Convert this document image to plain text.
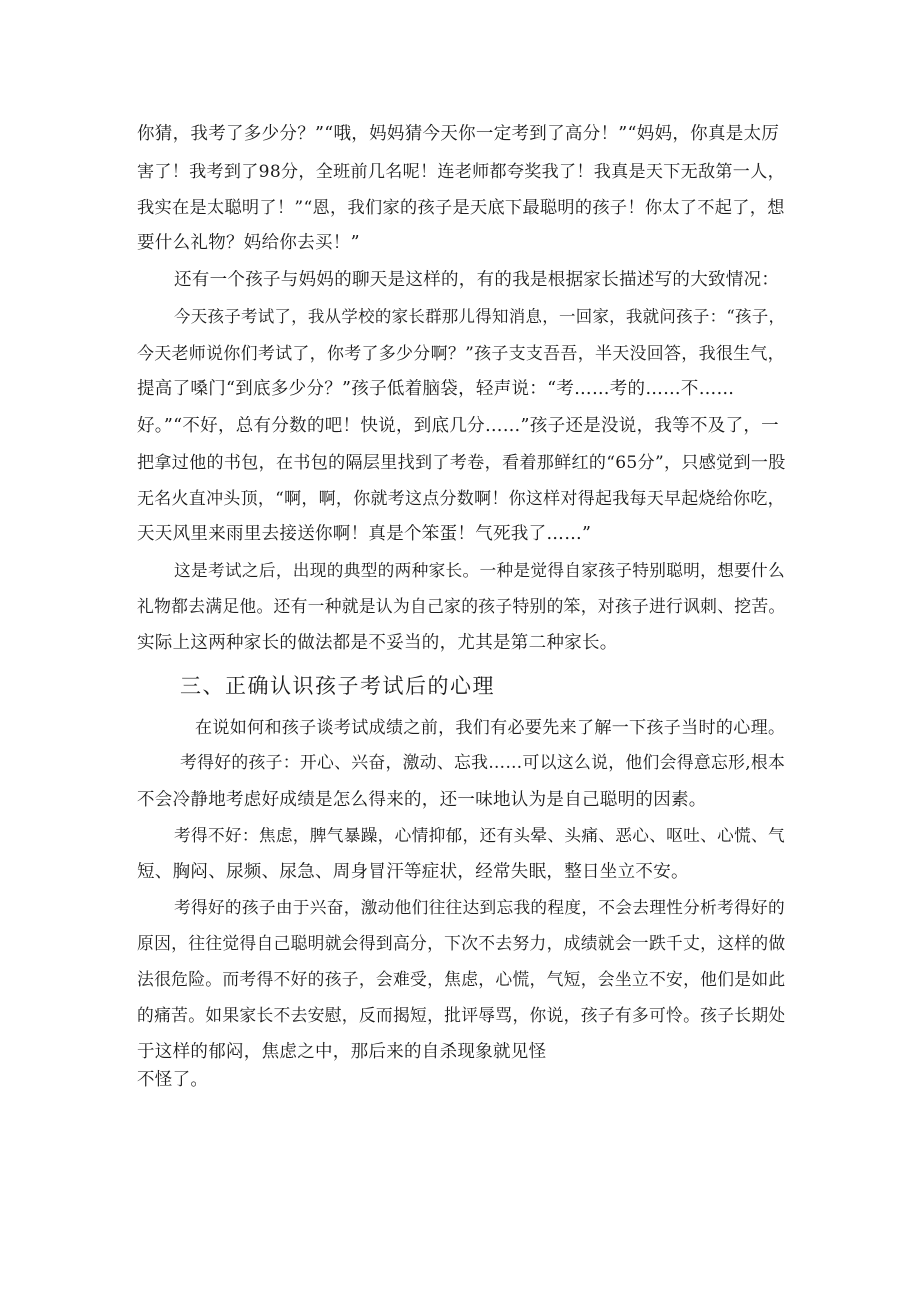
你猜，我考了多少分？”“哦，妈妈猜今天你一定考到了高分！”“妈妈，你真是太厉
害了！我考到了98分，全班前几名呢！连老师都夸奖我了！我真是天下无敌第一人，
我实在是太聪明了！”“恩，我们家的孩子是天底下最聪明的孩子！你太了不起了，想
要什么礼物？妈给你去买！”
还有一个孩子与妈妈的聊天是这样的，有的我是根据家长描述写的大致情况：
今天孩子考试了，我从学校的家长群那儿得知消息，一回家，我就问孩子：“孩子，
今天老师说你们考试了，你考了多少分啊？”孩子支支吾吾，半天没回答，我很生气，
提高了嗓门“到底多少分？”孩子低着脑袋，轻声说：“考……考的……不……
好。”“不好，总有分数的吧！快说，到底几分……”孩子还是没说，我等不及了，一
把拿过他的书包，在书包的隔层里找到了考卷，看着那鲜红的“65分”，只感觉到一股
无名火直冲头顶，“啊，啊，你就考这点分数啊！你这样对得起我每天早起烧给你吃，
天天风里来雨里去接送你啊！真是个笨蛋！气死我了……”
这是考试之后，出现的典型的两种家长。一种是觉得自家孩子特别聪明，想要什么
礼物都去满足他。还有一种就是认为自己家的孩子特别的笨，对孩子进行讽刺、挖苦。
实际上这两种家长的做法都是不妥当的，尤其是第二种家长。
三、正确认识孩子考试后的心理
在说如何和孩子谈考试成绩之前，我们有必要先来了解一下孩子当时的心理。
考得好的孩子：开心、兴奋，激动、忘我……可以这么说，他们会得意忘形,根本
不会冷静地考虑好成绩是怎么得来的，还一味地认为是自己聪明的因素。
考得不好：焦虑，脾气暴躁，心情抑郁，还有头晕、头痛、恶心、呕吐、心慌、气
短、胸闷、尿频、尿急、周身冒汗等症状，经常失眠，整日坐立不安。
考得好的孩子由于兴奋，激动他们往往达到忘我的程度，不会去理性分析考得好的
原因，往往觉得自己聪明就会得到高分，下次不去努力，成绩就会一跌千丈，这样的做
法很危险。而考得不好的孩子，会难受，焦虑，心慌，气短，会坐立不安，他们是如此
的痛苦。如果家长不去安慰，反而揭短，批评辱骂，你说，孩子有多可怜。孩子长期处
于这样的郁闷，焦虑之中，那后来的自杀现象就见怪
不怪了。
